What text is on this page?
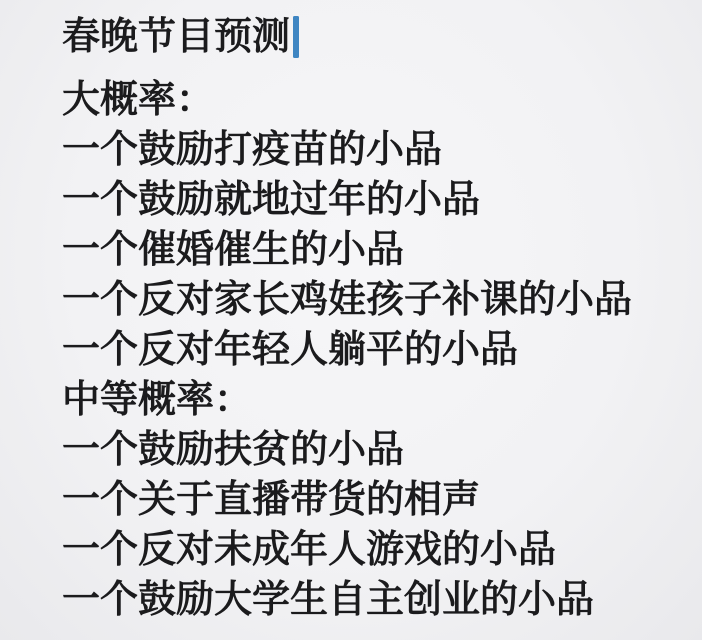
春晚节目预测
大概率：
一个鼓励打疫苗的小品
一个鼓励就地过年的小品
一个催婚催生的小品
一个反对家长鸡娃孩子补课的小品
一个反对年轻人躺平的小品
中等概率：
一个鼓励扶贫的小品
一个关于直播带货的相声
一个反对未成年人游戏的小品
一个鼓励大学生自主创业的小品
